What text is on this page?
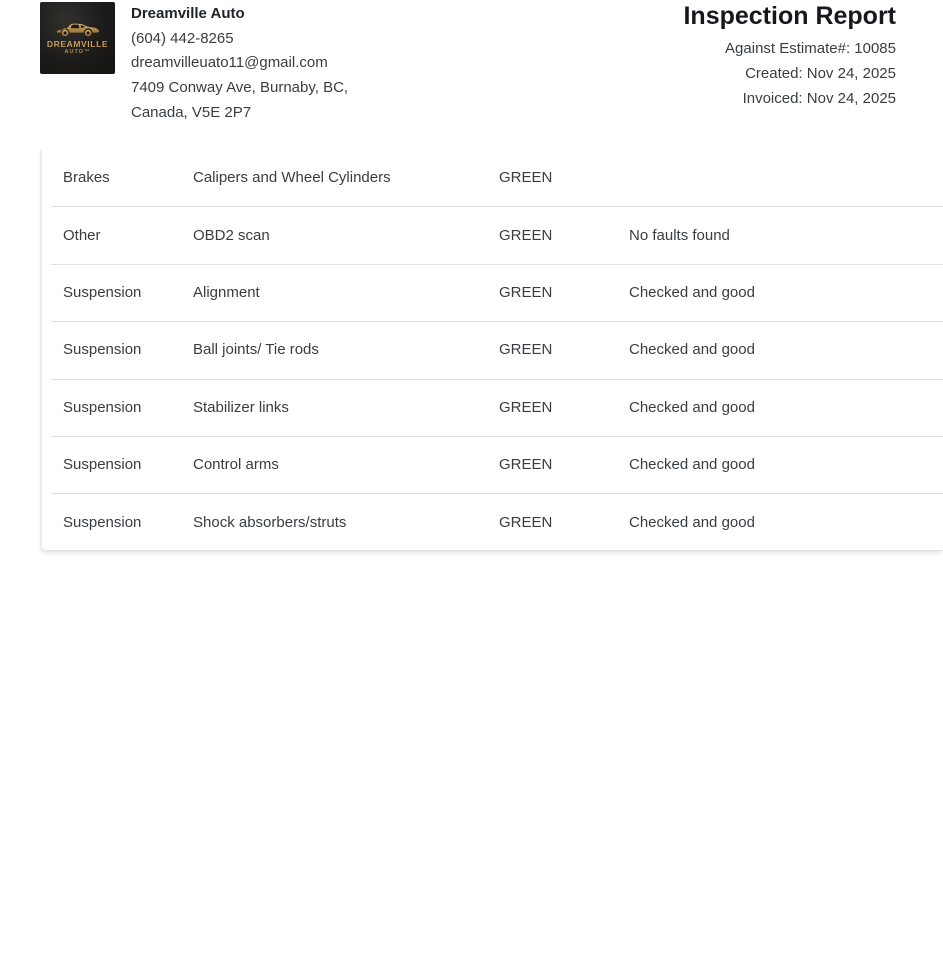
DREAMVILLE
AUTO™
Dreamville Auto
(604) 442-8265
dreamvilleuato11@gmail.com
7409 Conway Ave, Burnaby, BC,
Canada, V5E 2P7
Inspection Report
Against Estimate#: 10085
Created: Nov 24, 2025
Invoiced: Nov 24, 2025
Brakes	Calipers and Wheel Cylinders	GREEN
Other	OBD2 scan	GREEN	No faults found
Suspension	Alignment	GREEN	Checked and good
Suspension	Ball joints/ Tie rods	GREEN	Checked and good
Suspension	Stabilizer links	GREEN	Checked and good
Suspension	Control arms	GREEN	Checked and good
Suspension	Shock absorbers/struts	GREEN	Checked and good
